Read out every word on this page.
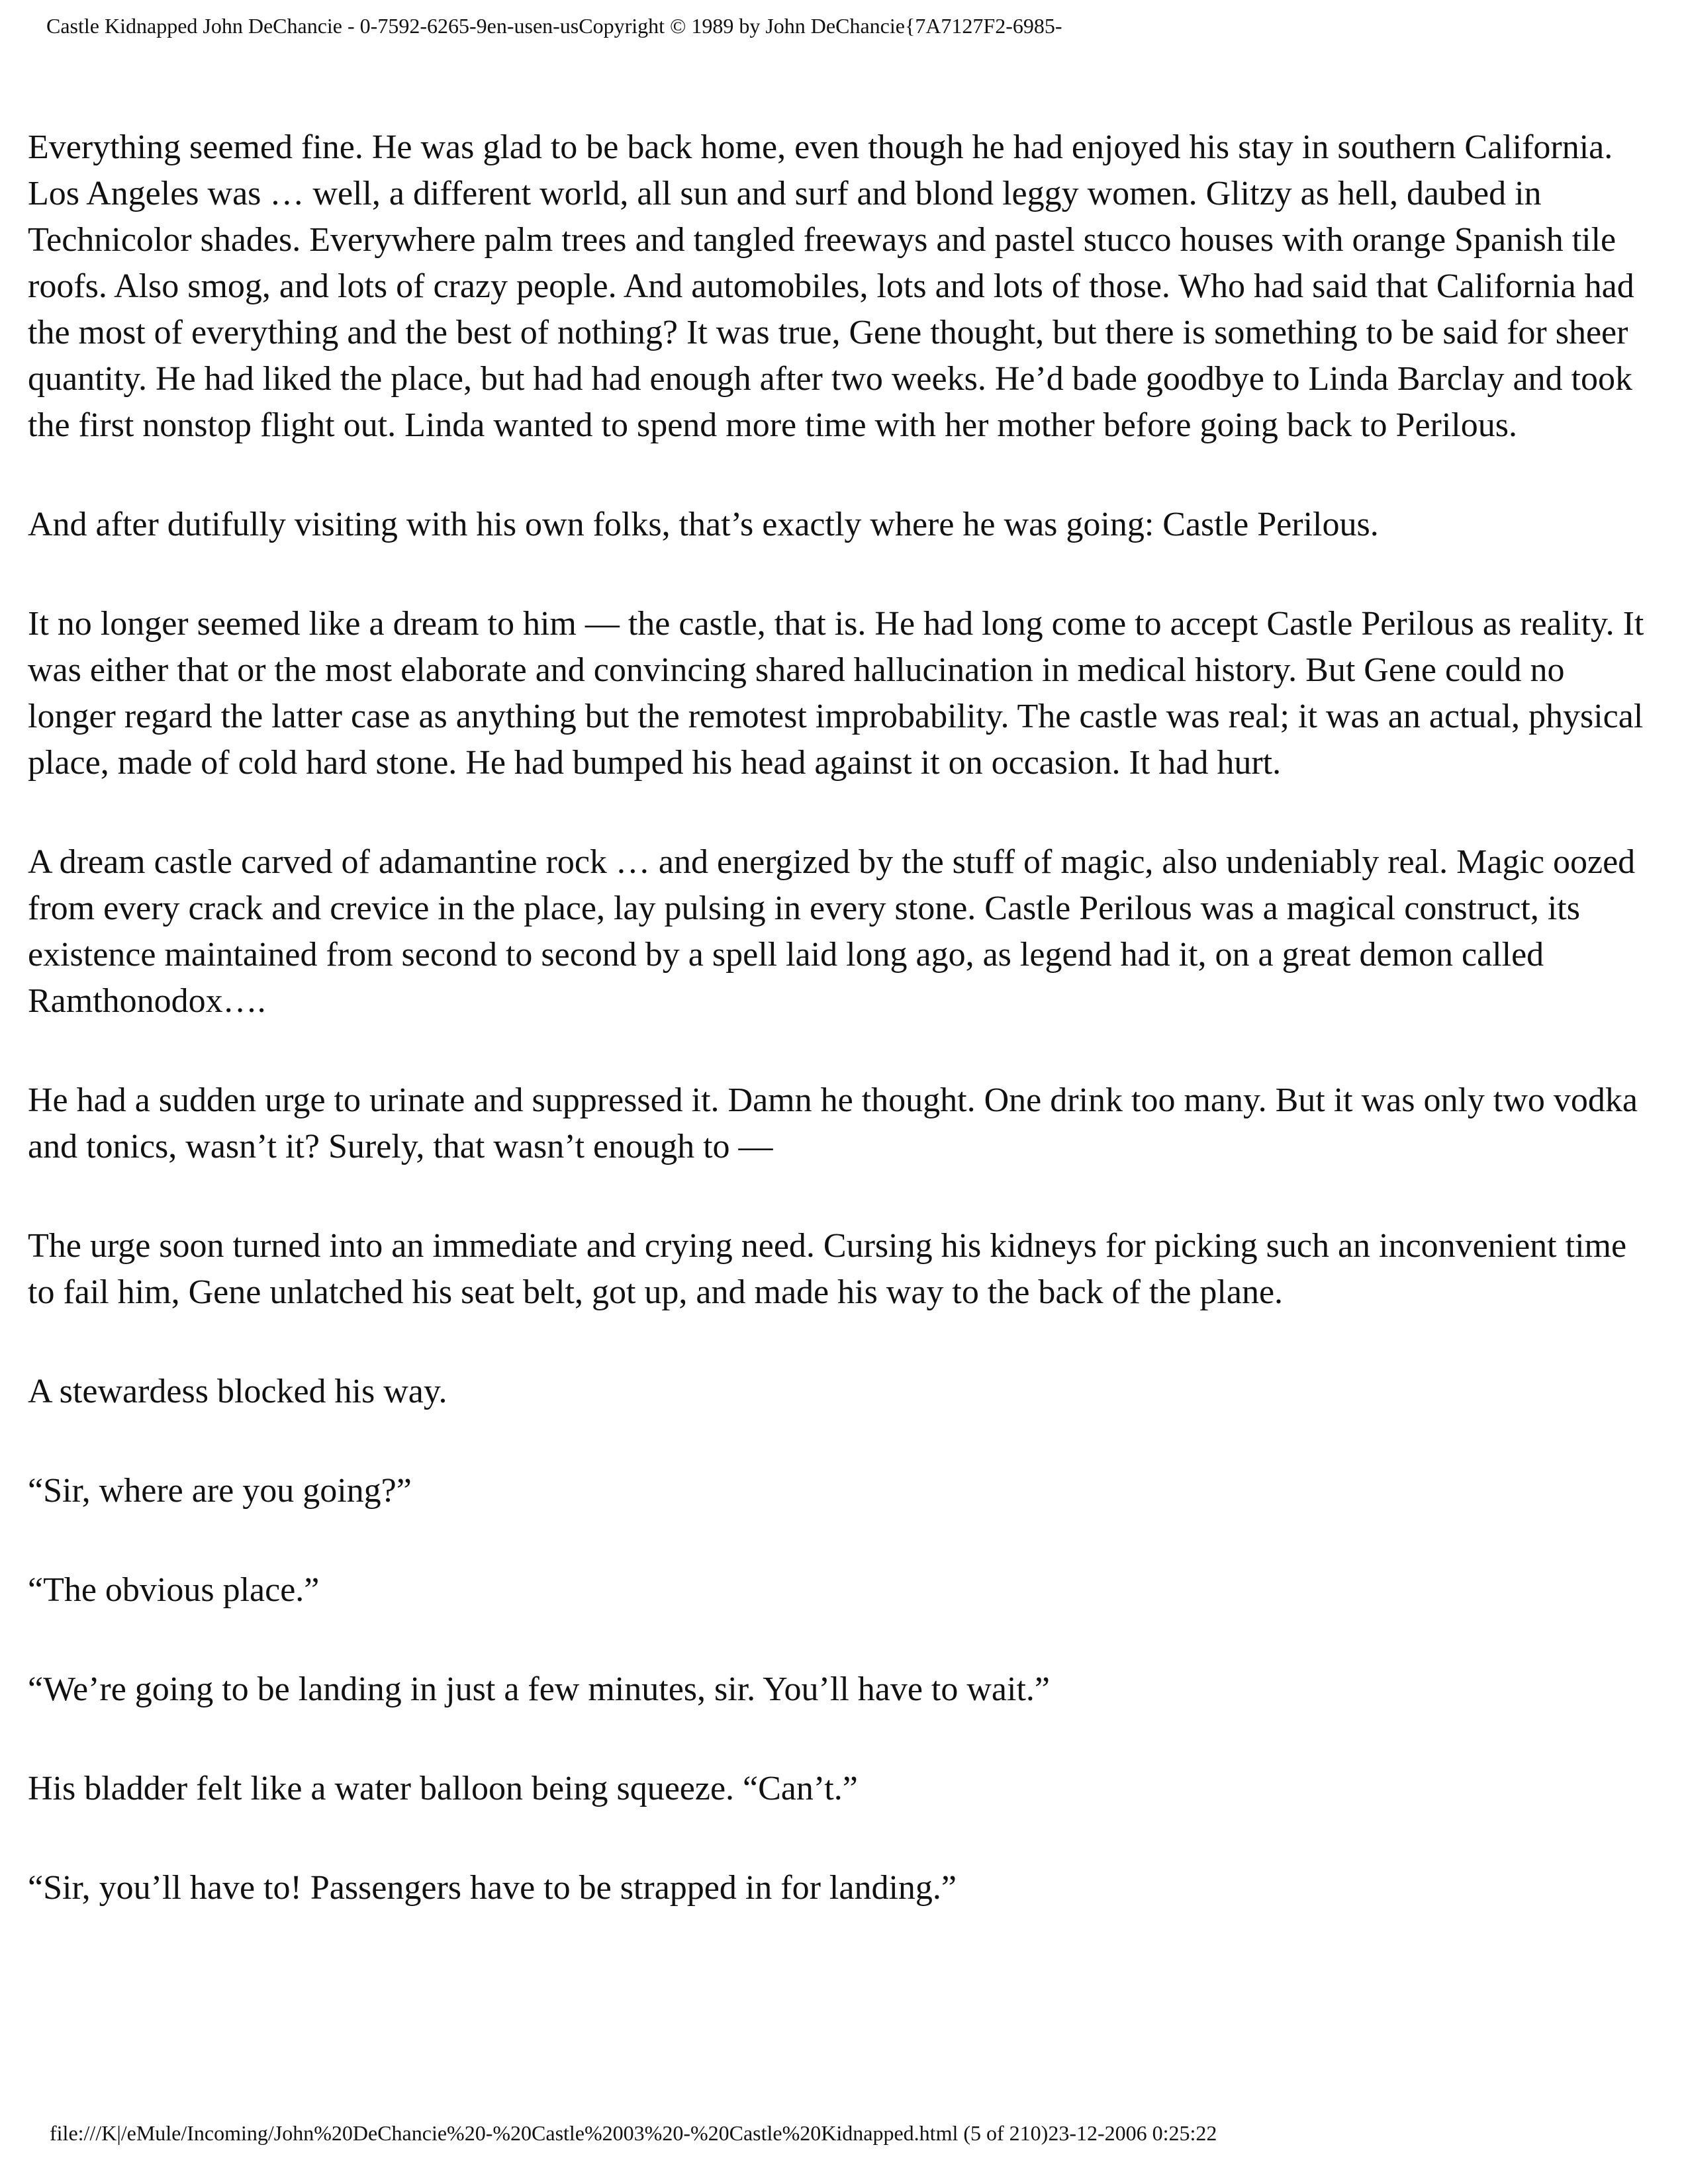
Castle Kidnapped John DeChancie - 0-7592-6265-9en-usen-usCopyright © 1989 by John DeChancie{7A7127F2-6985-

Everything seemed fine. He was glad to be back home, even though he had enjoyed his stay in southern California. Los Angeles was … well, a different world, all sun and surf and blond leggy women. Glitzy as hell, daubed in Technicolor shades. Everywhere palm trees and tangled freeways and pastel stucco houses with orange Spanish tile roofs. Also smog, and lots of crazy people. And automobiles, lots and lots of those. Who had said that California had the most of everything and the best of nothing? It was true, Gene thought, but there is something to be said for sheer quantity. He had liked the place, but had had enough after two weeks. He’d bade goodbye to Linda Barclay and took the first nonstop flight out. Linda wanted to spend more time with her mother before going back to Perilous.

And after dutifully visiting with his own folks, that’s exactly where he was going: Castle Perilous.

It no longer seemed like a dream to him — the castle, that is. He had long come to accept Castle Perilous as reality. It was either that or the most elaborate and convincing shared hallucination in medical history. But Gene could no longer regard the latter case as anything but the remotest improbability. The castle was real; it was an actual, physical place, made of cold hard stone. He had bumped his head against it on occasion. It had hurt.

A dream castle carved of adamantine rock … and energized by the stuff of magic, also undeniably real. Magic oozed from every crack and crevice in the place, lay pulsing in every stone. Castle Perilous was a magical construct, its existence maintained from second to second by a spell laid long ago, as legend had it, on a great demon called Ramthonodox….

He had a sudden urge to urinate and suppressed it. Damn he thought. One drink too many. But it was only two vodka and tonics, wasn’t it? Surely, that wasn’t enough to —

The urge soon turned into an immediate and crying need. Cursing his kidneys for picking such an inconvenient time to fail him, Gene unlatched his seat belt, got up, and made his way to the back of the plane.

A stewardess blocked his way.

“Sir, where are you going?”

“The obvious place.”

“We’re going to be landing in just a few minutes, sir. You’ll have to wait.”

His bladder felt like a water balloon being squeeze. “Can’t.”

“Sir, you’ll have to! Passengers have to be strapped in for landing.”

file:///K|/eMule/Incoming/John%20DeChancie%20-%20Castle%2003%20-%20Castle%20Kidnapped.html (5 of 210)23-12-2006 0:25:22
